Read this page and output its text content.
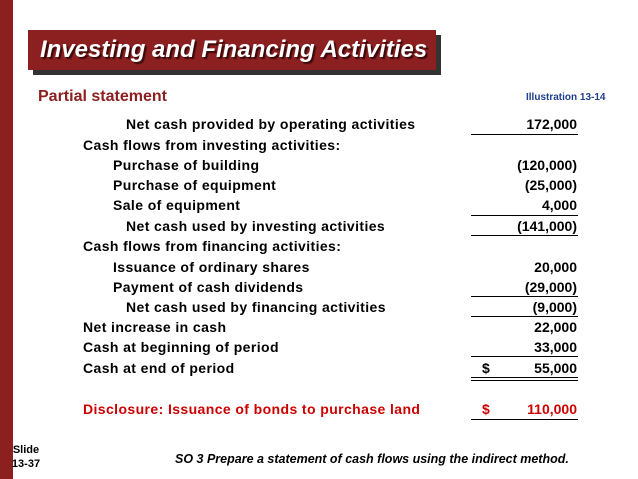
Investing and Financing Activities
Partial statement	Illustration 13-14
Net cash provided by operating activities	172,000
Cash flows from investing activities:
Purchase of building	(120,000)
Purchase of equipment	(25,000)
Sale of equipment	4,000
Net cash used by investing activities	(141,000)
Cash flows from financing activities:
Issuance of ordinary shares	20,000
Payment of cash dividends	(29,000)
Net cash used by financing activities	(9,000)
Net increase in cash	22,000
Cash at beginning of period	33,000
Cash at end of period	$	55,000
Disclosure: Issuance of bonds to purchase land	$	110,000
Slide
13-37	SO 3 Prepare a statement of cash flows using the indirect method.
